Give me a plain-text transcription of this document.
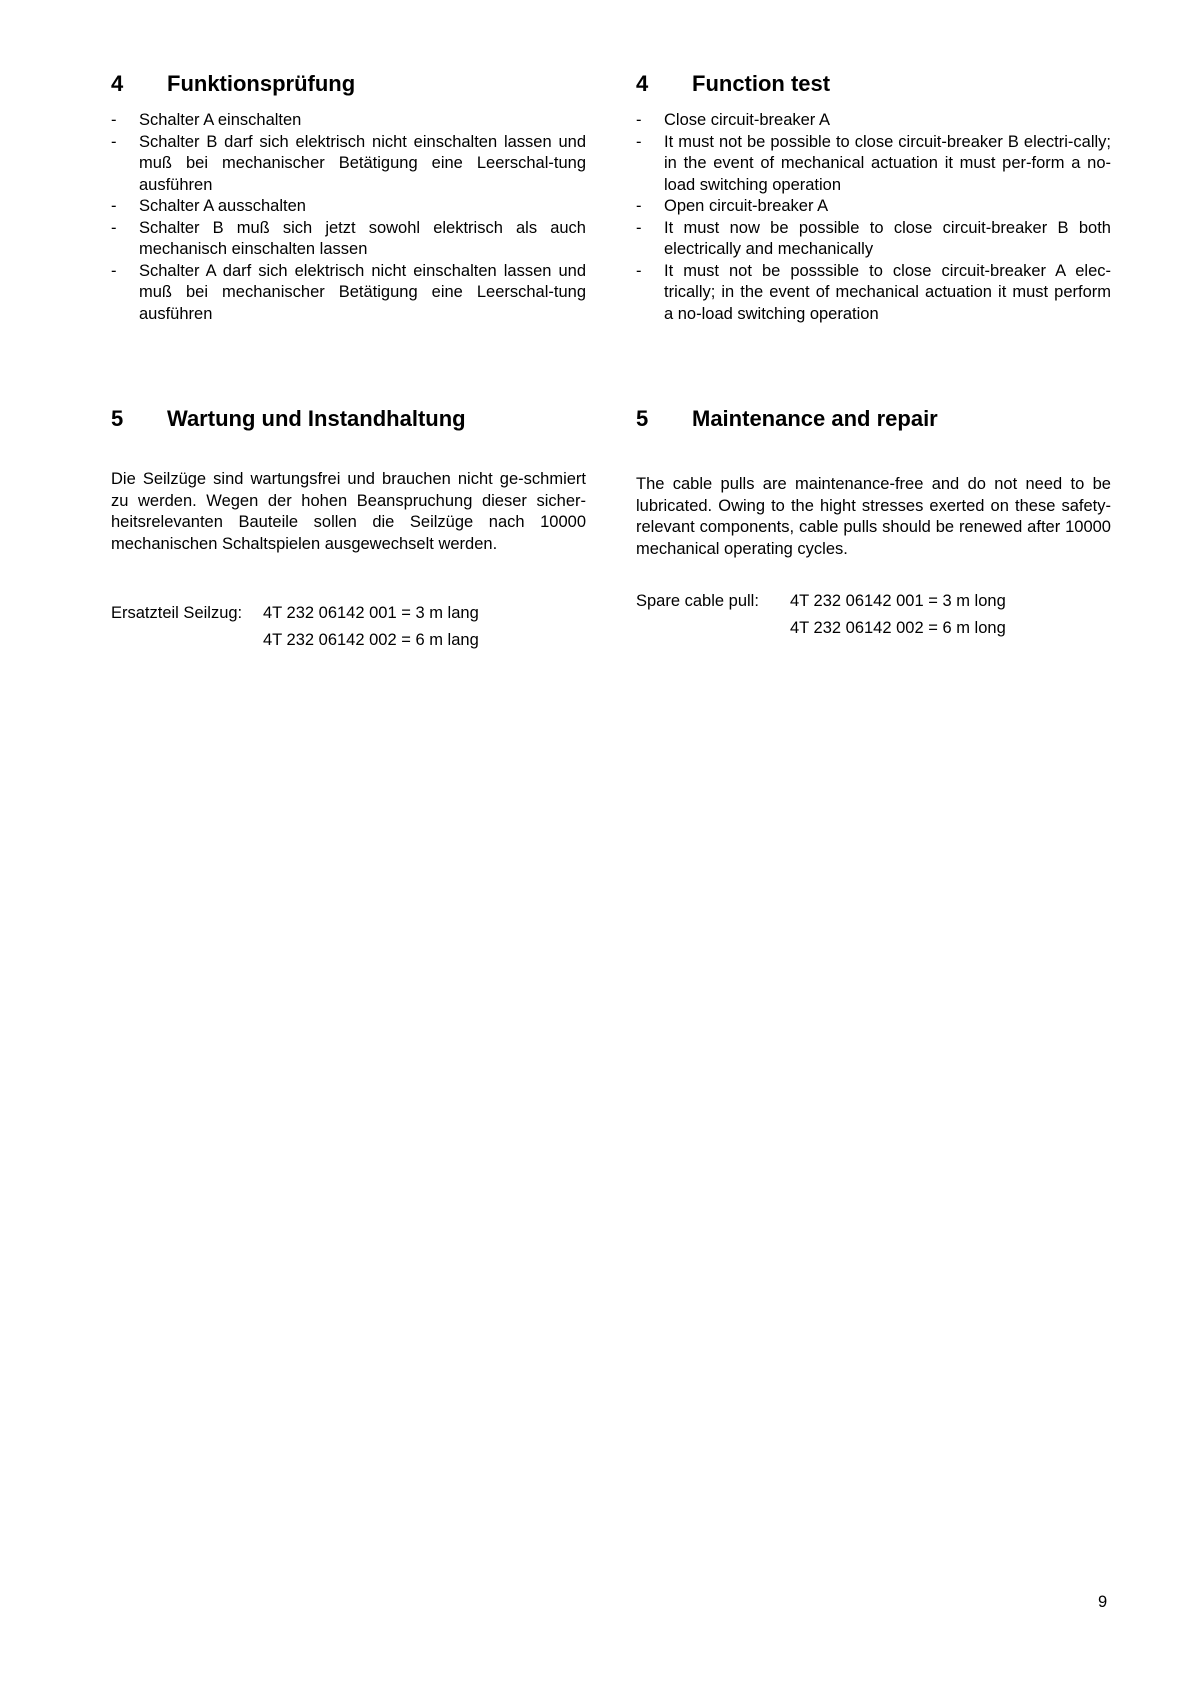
4 Funktionsprüfung
- Schalter A einschalten
- Schalter B darf sich elektrisch nicht einschalten lassen und muß bei mechanischer Betätigung eine Leerschal-tung ausführen
- Schalter A ausschalten
- Schalter B muß sich jetzt sowohl elektrisch als auch mechanisch einschalten lassen
- Schalter A darf sich elektrisch nicht einschalten lassen und muß bei mechanischer Betätigung eine Leerschal-tung ausführen
5 Wartung und Instandhaltung

Die Seilzüge sind wartungsfrei und brauchen nicht ge-schmiert zu werden. Wegen der hohen Beanspruchung dieser sicher-heitsrelevanten Bauteile sollen die Seilzüge nach 10000 mechanischen Schaltspielen ausgewechselt werden.

Ersatzteil Seilzug: 4T 232 06142 001 = 3 m lang
4T 232 06142 002 = 6 m lang
4 Function test
- Close circuit-breaker A
- It must not be possible to close circuit-breaker B electri-cally; in the event of mechanical actuation it must per-form a no-load switching operation
- Open circuit-breaker A
- It must now be possible to close circuit-breaker B both electrically and mechanically
- It must not be posssible to close circuit-breaker A elec-trically; in the event of mechanical actuation it must perform a no-load switching operation
5 Maintenance and repair

The cable pulls are maintenance-free and do not need to be lubricated. Owing to the hight stresses exerted on these safety-relevant components, cable pulls should be renewed after 10000 mechanical operating cycles.

Spare cable pull: 4T 232 06142 001 = 3 m long
4T 232 06142 002 = 6 m long
9
